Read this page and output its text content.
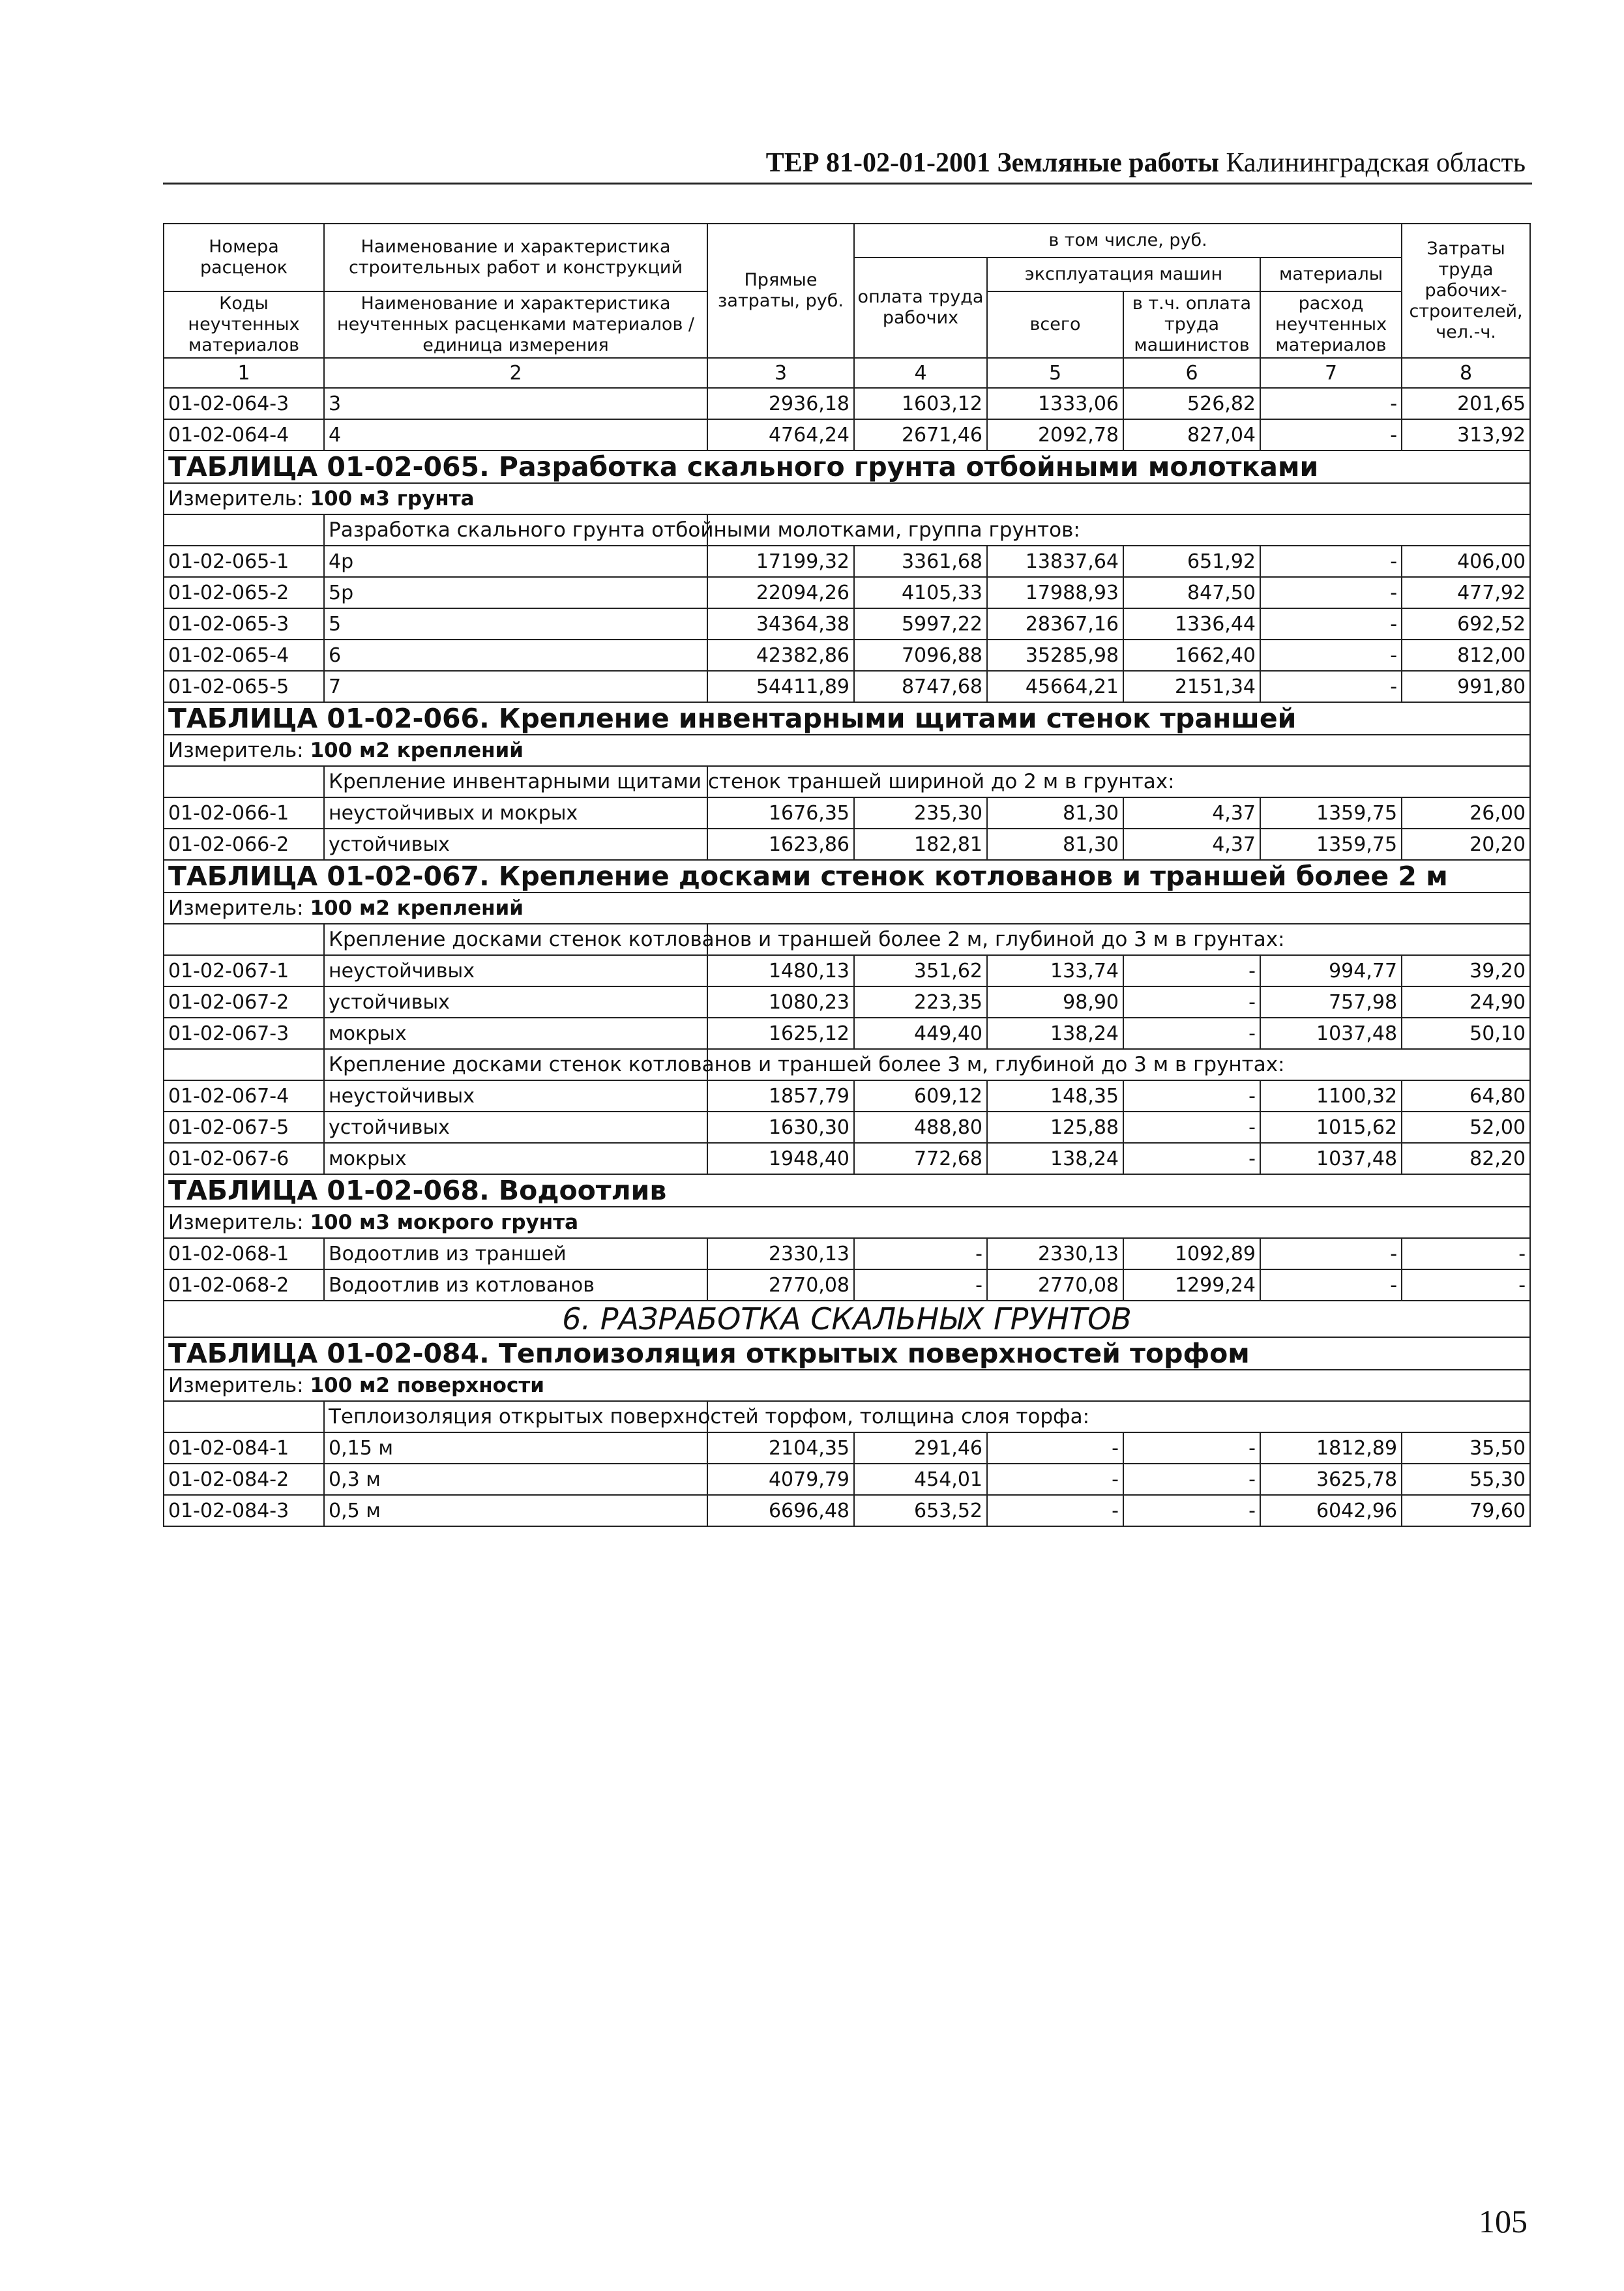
ТЕР 81-02-01-2001 Земляные работы Калининградская область
Номера расценок	Наименование и характеристика строительных работ и конструкций	Прямые затраты, руб.	в том числе, руб.				Затраты труда рабочих-строителей, чел.-ч.
			оплата труда рабочих	эксплуатация машин		материалы	
Коды неучтенных материалов	Наименование и характеристика неучтенных расценками материалов / единица измерения			всего	в т.ч. оплата труда машинистов	расход неучтенных материалов	

1	2	3	4	5	6	7	8
01-02-064-3	3	2936,18	1603,12	1333,06	526,82	-	201,65
01-02-064-4	4	4764,24	2671,46	2092,78	827,04	-	313,92
ТАБЛИЦА 01-02-065. Разработка скального грунта отбойными молотками							
Измеритель: 100 м3 грунта							
	Разработка скального грунта отбойными молотками, группа грунтов:						
01-02-065-1	4р	17199,32	3361,68	13837,64	651,92	-	406,00
01-02-065-2	5р	22094,26	4105,33	17988,93	847,50	-	477,92
01-02-065-3	5	34364,38	5997,22	28367,16	1336,44	-	692,52
01-02-065-4	6	42382,86	7096,88	35285,98	1662,40	-	812,00
01-02-065-5	7	54411,89	8747,68	45664,21	2151,34	-	991,80
ТАБЛИЦА 01-02-066. Крепление инвентарными щитами стенок траншей							
Измеритель: 100 м2 креплений							
	Крепление инвентарными щитами стенок траншей шириной до 2 м в грунтах:						
01-02-066-1	неустойчивых и мокрых	1676,35	235,30	81,30	4,37	1359,75	26,00
01-02-066-2	устойчивых	1623,86	182,81	81,30	4,37	1359,75	20,20
ТАБЛИЦА 01-02-067. Крепление досками стенок котлованов и траншей более 2 м							
Измеритель: 100 м2 креплений							
	Крепление досками стенок котлованов и траншей более 2 м, глубиной до 3 м в грунтах:						
01-02-067-1	неустойчивых	1480,13	351,62	133,74	-	994,77	39,20
01-02-067-2	устойчивых	1080,23	223,35	98,90	-	757,98	24,90
01-02-067-3	мокрых	1625,12	449,40	138,24	-	1037,48	50,10
	Крепление досками стенок котлованов и траншей более 3 м, глубиной до 3 м в грунтах:						
01-02-067-4	неустойчивых	1857,79	609,12	148,35	-	1100,32	64,80
01-02-067-5	устойчивых	1630,30	488,80	125,88	-	1015,62	52,00
01-02-067-6	мокрых	1948,40	772,68	138,24	-	1037,48	82,20
ТАБЛИЦА 01-02-068. Водоотлив							
Измеритель: 100 м3 мокрого грунта							
01-02-068-1	Водоотлив из траншей	2330,13	-	2330,13	1092,89	-	-
01-02-068-2	Водоотлив из котлованов	2770,08	-	2770,08	1299,24	-	-
6. РАЗРАБОТКА СКАЛЬНЫХ ГРУНТОВ							
ТАБЛИЦА 01-02-084. Теплоизоляция открытых поверхностей торфом							
Измеритель: 100 м2 поверхности							
	Теплоизоляция открытых поверхностей торфом, толщина слоя торфа:						
01-02-084-1	0,15 м	2104,35	291,46	-	-	1812,89	35,50
01-02-084-2	0,3 м	4079,79	454,01	-	-	3625,78	55,30
01-02-084-3	0,5 м	6696,48	653,52	-	-	6042,96	79,60
105
